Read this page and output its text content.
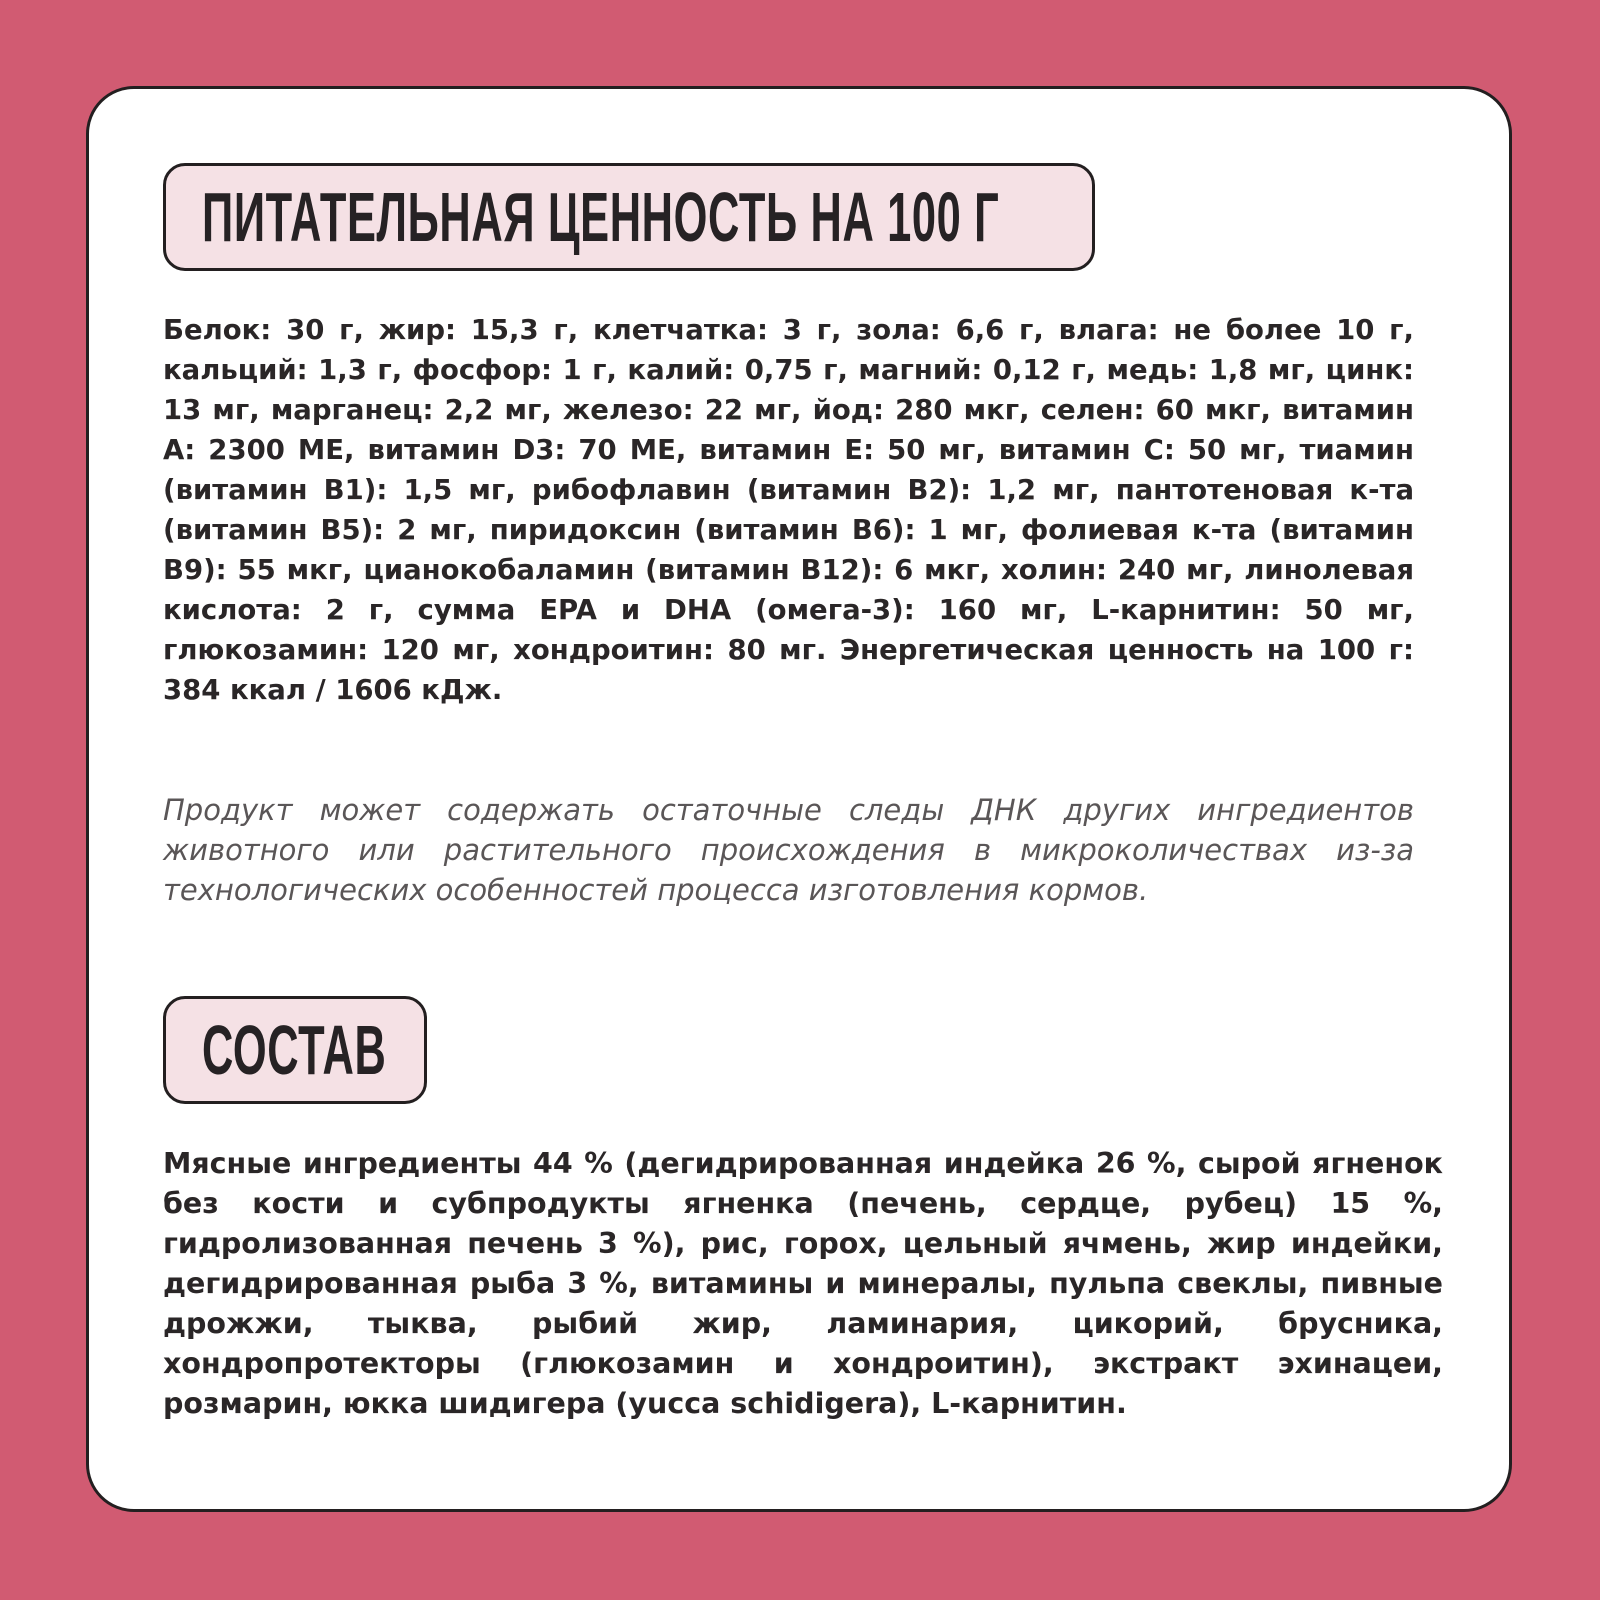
ПИТАТЕЛЬНАЯ ЦЕННОСТЬ НА 100 Г

Белок: 30 г, жир: 15,3 г, клетчатка: 3 г, зола: 6,6 г, влага: не более 10 г, кальций: 1,3 г, фосфор: 1 г, калий: 0,75 г, магний: 0,12 г, медь: 1,8 мг, цинк: 13 мг, марганец: 2,2 мг, железо: 22 мг, йод: 280 мкг, селен: 60 мкг, витамин А: 2300 МЕ, витамин D3: 70 МЕ, витамин Е: 50 мг, витамин С: 50 мг, тиамин (витамин В1): 1,5 мг, рибофлавин (витамин В2): 1,2 мг, пантотеновая к-та (витамин В5): 2 мг, пиридоксин (витамин В6): 1 мг, фолиевая к-та (витамин В9): 55 мкг, цианокобаламин (витамин В12): 6 мкг, холин: 240 мг, линолевая кислота: 2 г, сумма EPA и DHA (омега-3): 160 мг, L-карнитин: 50 мг, глюкозамин: 120 мг, хондроитин: 80 мг. Энергетическая ценность на 100 г: 384 ккал / 1606 кДж.

Продукт может содержать остаточные следы ДНК других ингредиентов животного или растительного происхождения в микроколичествах из-за технологических особенностей процесса изготовления кормов.

СОСТАВ

Мясные ингредиенты 44 % (дегидрированная индейка 26 %, сырой ягненок без кости и субпродукты ягненка (печень, сердце, рубец) 15 %, гидролизованная печень 3 %), рис, горох, цельный ячмень, жир индейки, дегидрированная рыба 3 %, витамины и минералы, пульпа свеклы, пивные дрожжи, тыква, рыбий жир, ламинария, цикорий, брусника, хондропротекторы (глюкозамин и хондроитин), экстракт эхинацеи, розмарин, юкка шидигера (yucca schidigera), L-карнитин.
